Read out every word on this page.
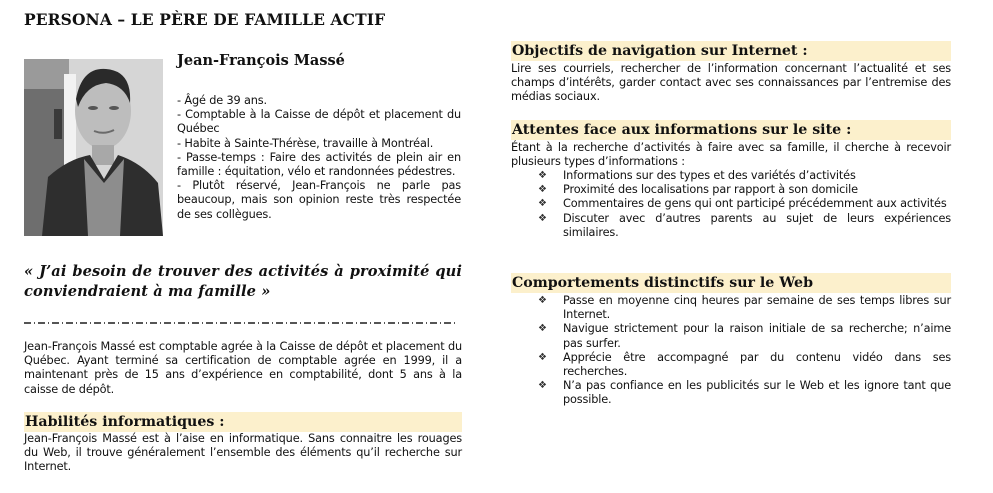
PERSONA – LE PÈRE DE FAMILLE ACTIF
Jean-François Massé
- Âgé de 39 ans.
- Comptable à la Caisse de dépôt et placement du Québec
- Habite à Sainte-Thérèse, travaille à Montréal.
- Passe-temps : Faire des activités de plein air en famille : équitation, vélo et randonnées pédestres.
- Plutôt réservé, Jean-François ne parle pas beaucoup, mais son opinion reste très respectée de ses collègues.
« J’ai besoin de trouver des activités à proximité qui conviendraient à ma famille »
Jean-François Massé est comptable agrée à la Caisse de dépôt et placement du Québec. Ayant terminé sa certification de comptable agrée en 1999, il a maintenant près de 15 ans d’expérience en comptabilité, dont 5 ans à la caisse de dépôt.
Habilités informatiques :
Jean-François Massé est à l’aise en informatique. Sans connaitre les rouages du Web, il trouve généralement l’ensemble des éléments qu’il recherche sur Internet.
Objectifs de navigation sur Internet :
Lire ses courriels, rechercher de l’information concernant l’actualité et ses champs d’intérêts, garder contact avec ses connaissances par l’entremise des médias sociaux.
Attentes face aux informations sur le site :
Étant à la recherche d’activités à faire avec sa famille, il cherche à recevoir plusieurs types d’informations :
❖	Informations sur des types et des variétés d’activités
❖	Proximité des localisations par rapport à son domicile
❖	Commentaires de gens qui ont participé précédemment aux activités
❖	Discuter avec d’autres parents au sujet de leurs expériences similaires.
Comportements distinctifs sur le Web
❖	Passe en moyenne cinq heures par semaine de ses temps libres sur Internet.
❖	Navigue strictement pour la raison initiale de sa recherche; n’aime pas surfer.
❖	Apprécie être accompagné par du contenu vidéo dans ses recherches.
❖	N’a pas confiance en les publicités sur le Web et les ignore tant que possible.
